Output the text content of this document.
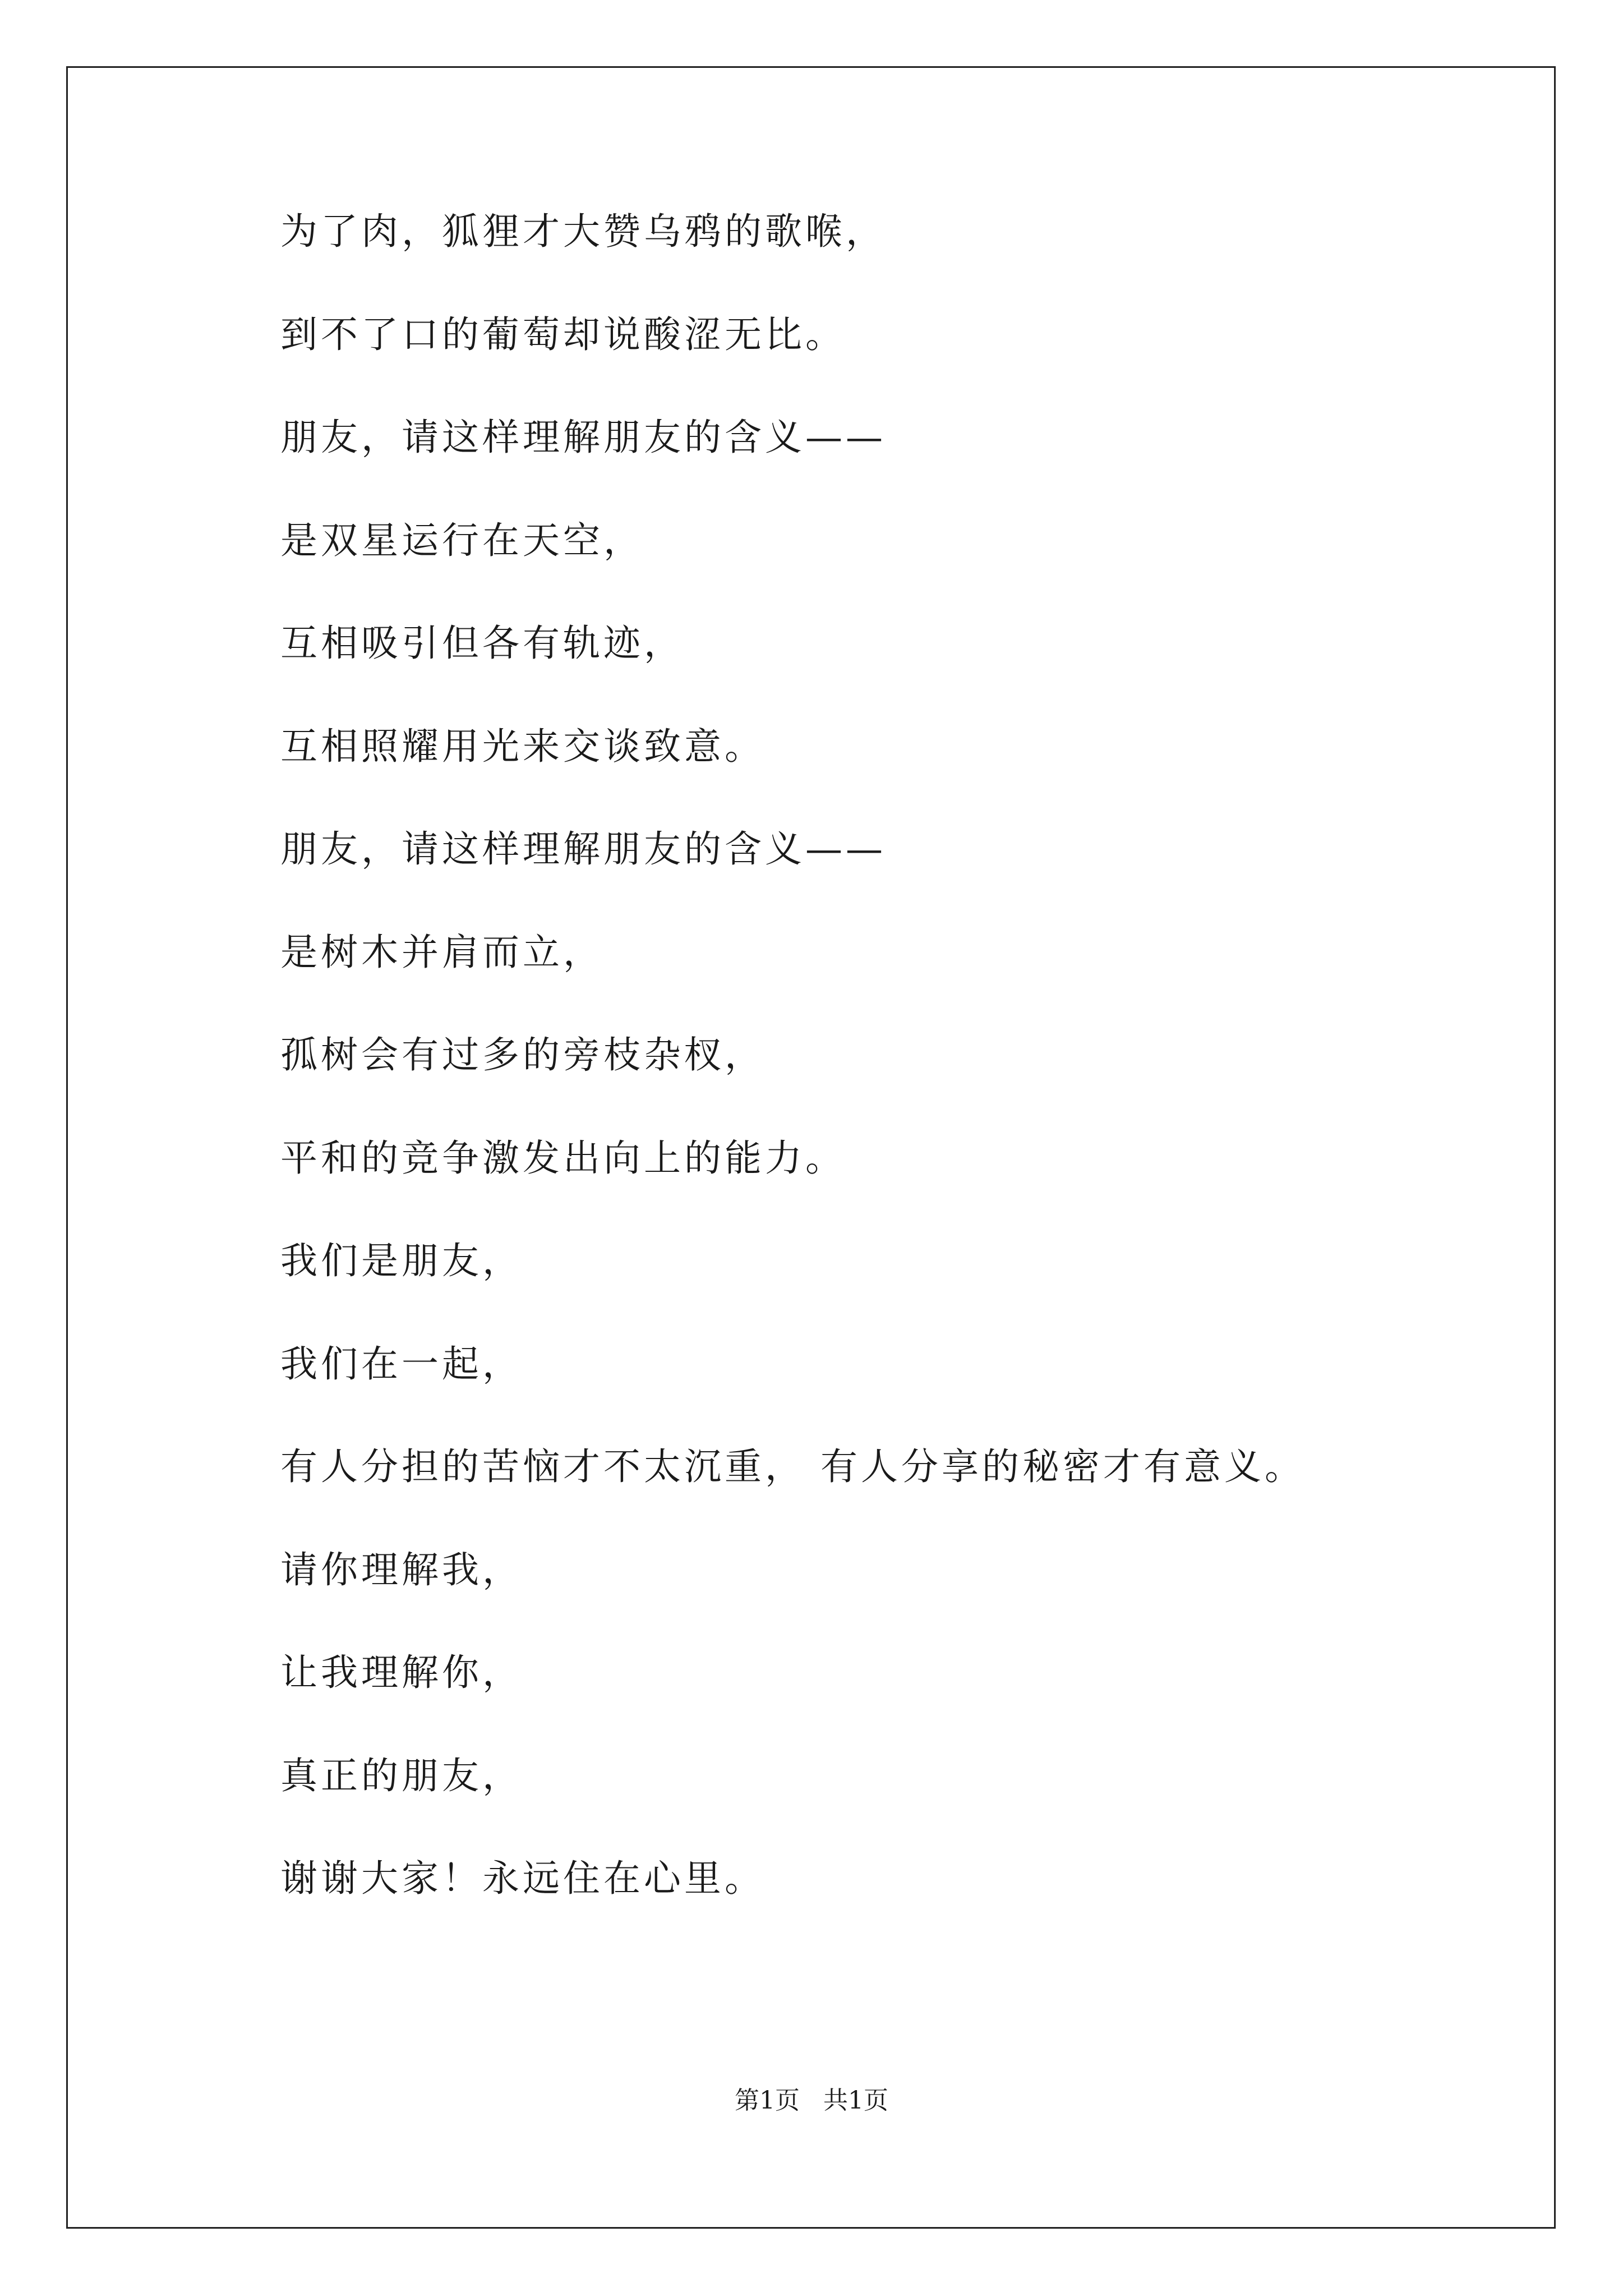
为了肉，狐狸才大赞乌鸦的歌喉，
到不了口的葡萄却说酸涩无比。
朋友，请这样理解朋友的含义——
是双星运行在天空，
互相吸引但各有轨迹，
互相照耀用光来交谈致意。
朋友，请这样理解朋友的含义——
是树木并肩而立，
孤树会有过多的旁枝杂杈，
平和的竞争激发出向上的能力。
我们是朋友，
我们在一起，
有人分担的苦恼才不太沉重， 有人分享的秘密才有意义。
请你理解我，
让我理解你，
真正的朋友，
谢谢大家！永远住在心里。
第1页   共1页
